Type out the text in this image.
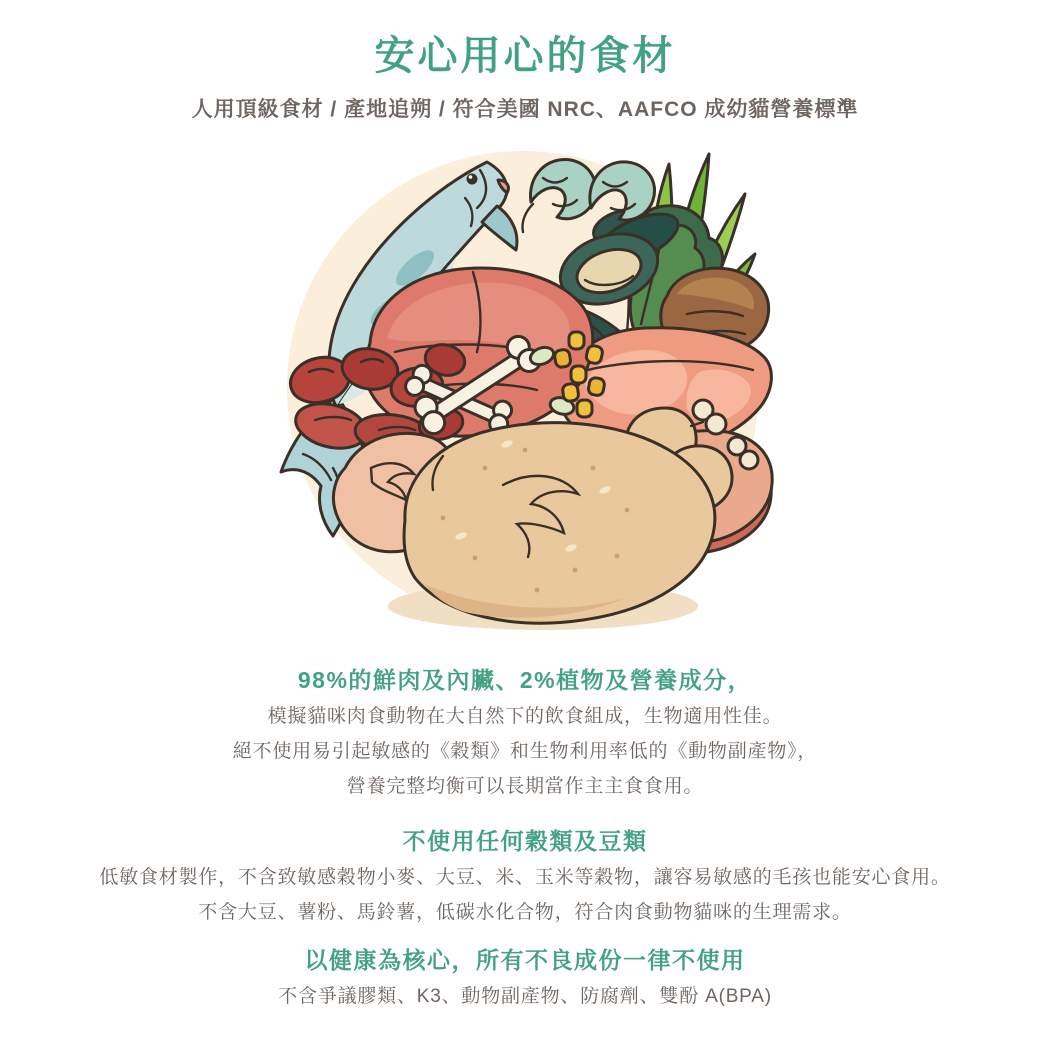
安心用心的食材
人用頂級食材 / 產地追朔 / 符合美國 NRC、AAFCO 成幼貓營養標準
98%的鮮肉及內臟、2%植物及營養成分，

模擬貓咪肉食動物在大自然下的飲食組成，生物適用性佳。

絕不使用易引起敏感的《穀類》和生物利用率低的《動物副產物》，

營養完整均衡可以長期當作主主食食用。

不使用任何穀類及豆類

低敏食材製作，不含致敏感穀物小麥、大豆、米、玉米等穀物，讓容易敏感的毛孩也能安心食用。

不含大豆、薯粉、馬鈴薯，低碳水化合物，符合肉食動物貓咪的生理需求。

以健康為核心，所有不良成份一律不使用

不含爭議膠類、K3、動物副產物、防腐劑、雙酚 A(BPA)
